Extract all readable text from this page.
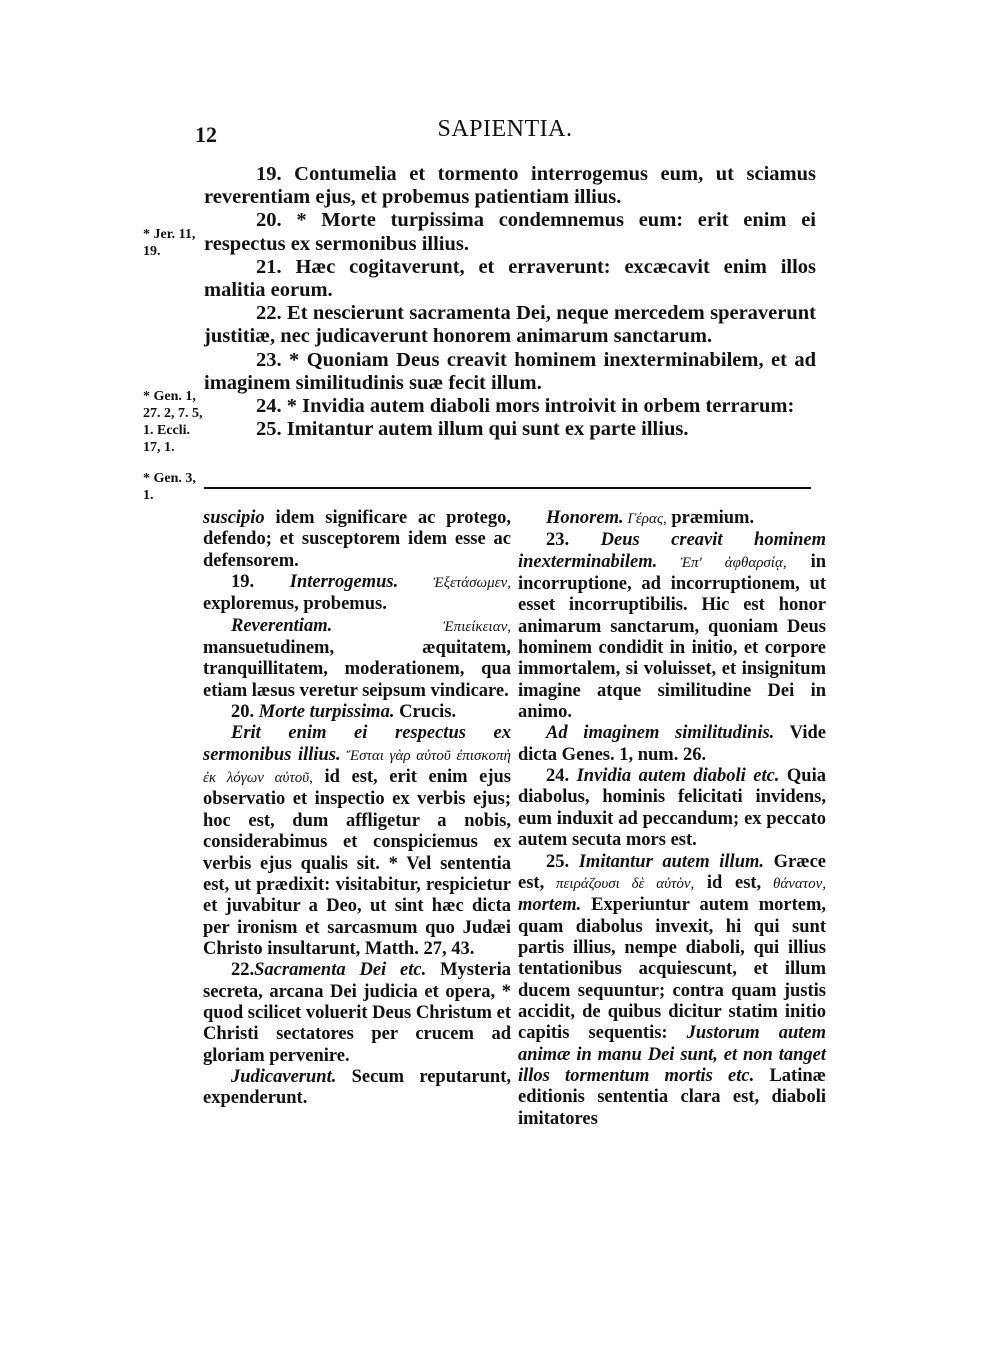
12	SAPIENTIA.
* Jer. 11, 19.
* Gen. 1, 27. 2, 7. 5, 1. Eccli. 17, 1.
* Gen. 3, 1.

19. Contumelia et tormento interrogemus eum, ut sciamus reverentiam ejus, et probemus patientiam illius.

20. * Morte turpissima condemnemus eum: erit enim ei respectus ex sermonibus illius.

21. Hæc cogitaverunt, et erraverunt: excæcavit enim illos malitia eorum.

22. Et nescierunt sacramenta Dei, neque mercedem speraverunt justitiæ, nec judicaverunt honorem animarum sanctarum.

23. * Quoniam Deus creavit hominem inexterminabilem, et ad imaginem similitudinis suæ fecit illum.

24. * Invidia autem diaboli mors introivit in orbem terrarum:

25. Imitantur autem illum qui sunt ex parte illius.

suscipio idem significare ac protego, defendo; et susceptorem idem esse ac defensorem.

19. Interrogemus. Ἐξετάσωμεν, exploremus, probemus.

Reverentiam. Ἐπιείκειαν, mansuetudinem, æquitatem, tranquillitatem, moderationem, qua etiam læsus veretur seipsum vindicare.

20. Morte turpissima. Crucis.

Erit enim ei respectus ex sermonibus illius. Ἔσται γὰρ αὐτοῦ ἐπισκοπὴ ἐκ λόγων αὐτοῦ, id est, erit enim ejus observatio et inspectio ex verbis ejus; hoc est, dum affligetur a nobis, considerabimus et conspiciemus ex verbis ejus qualis sit. * Vel sententia est, ut prædixit: visitabitur, respicietur et juvabitur a Deo, ut sint hæc dicta per ironism et sarcasmum quo Judæi Christo insultarunt, Matth. 27, 43.

22.Sacramenta Dei etc. Mysteria secreta, arcana Dei judicia et opera, * quod scilicet voluerit Deus Christum et Christi sectatores per crucem ad gloriam pervenire.

Judicaverunt. Secum reputarunt, expenderunt.

Honorem. Γέρας, præmium.

23. Deus creavit hominem inexterminabilem. Ἐπ' ἀφθαρσίᾳ, in incorruptione, ad incorruptionem, ut esset incorruptibilis. Hic est honor animarum sanctarum, quoniam Deus hominem condidit in initio, et corpore immortalem, si voluisset, et insignitum imagine atque similitudine Dei in animo.

Ad imaginem similitudinis. Vide dicta Genes. 1, num. 26.

24. Invidia autem diaboli etc. Quia diabolus, hominis felicitati invidens, eum induxit ad peccandum; ex peccato autem secuta mors est.

25. Imitantur autem illum. Græce est, πειράζουσι δὲ αὐτὸν, id est, θάνατον, mortem. Experiuntur autem mortem, quam diabolus invexit, hi qui sunt partis illius, nempe diaboli, qui illius tentationibus acquiescunt, et illum ducem sequuntur; contra quam justis accidit, de quibus dicitur statim initio capitis sequentis: Justorum autem animæ in manu Dei sunt, et non tanget illos tormentum mortis etc. Latinæ editionis sententia clara est, diaboli imitatores
